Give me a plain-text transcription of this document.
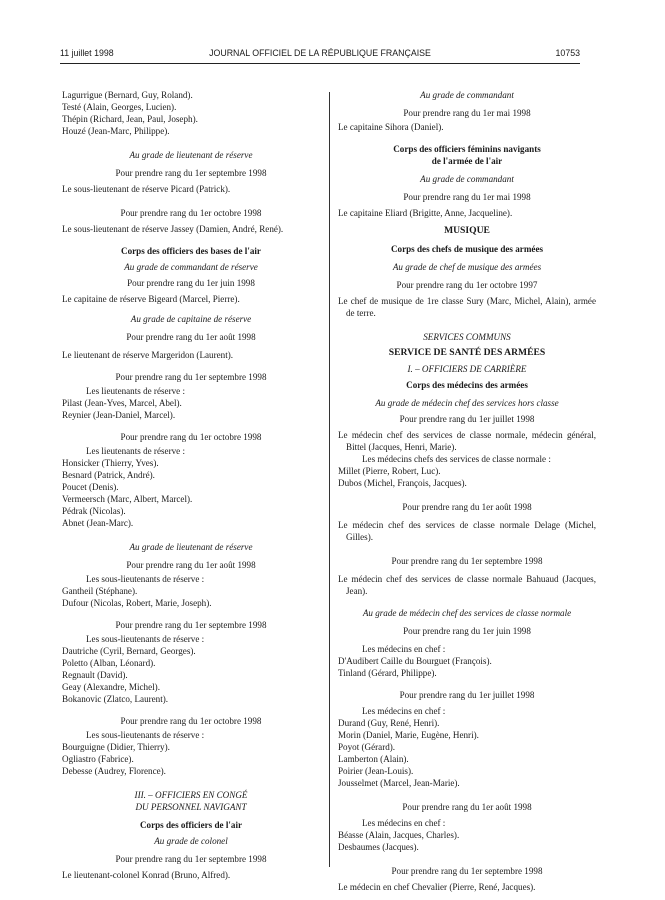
11 juillet 1998	JOURNAL OFFICIEL DE LA RÉPUBLIQUE FRANÇAISE	10753
Lagurrigue (Bernard, Guy, Roland).
Testé (Alain, Georges, Lucien).
Thépin (Richard, Jean, Paul, Joseph).
Houzé (Jean-Marc, Philippe).
Au grade de lieutenant de réserve
Pour prendre rang du 1er septembre 1998
Le sous-lieutenant de réserve Picard (Patrick).
Pour prendre rang du 1er octobre 1998
Le sous-lieutenant de réserve Jassey (Damien, André, René).
Corps des officiers des bases de l'air
Au grade de commandant de réserve
Pour prendre rang du 1er juin 1998
Le capitaine de réserve Bigeard (Marcel, Pierre).
Au grade de capitaine de réserve
Pour prendre rang du 1er août 1998
Le lieutenant de réserve Margeridon (Laurent).
Pour prendre rang du 1er septembre 1998
Les lieutenants de réserve :
Pilast (Jean-Yves, Marcel, Abel).
Reynier (Jean-Daniel, Marcel).
Pour prendre rang du 1er octobre 1998
Les lieutenants de réserve :
Honsicker (Thierry, Yves).
Besnard (Patrick, André).
Poucet (Denis).
Vermeersch (Marc, Albert, Marcel).
Pédrak (Nicolas).
Abnet (Jean-Marc).
Au grade de lieutenant de réserve
Pour prendre rang du 1er août 1998
Les sous-lieutenants de réserve :
Gantheil (Stéphane).
Dufour (Nicolas, Robert, Marie, Joseph).
Pour prendre rang du 1er septembre 1998
Les sous-lieutenants de réserve :
Dautriche (Cyril, Bernard, Georges).
Poletto (Alban, Léonard).
Regnault (David).
Geay (Alexandre, Michel).
Bokanovic (Zlatco, Laurent).
Pour prendre rang du 1er octobre 1998
Les sous-lieutenants de réserve :
Bourguigne (Didier, Thierry).
Ogliastro (Fabrice).
Debesse (Audrey, Florence).
III. – OFFICIERS EN CONGÉ
DU PERSONNEL NAVIGANT
Corps des officiers de l'air
Au grade de colonel
Pour prendre rang du 1er septembre 1998
Le lieutenant-colonel Konrad (Bruno, Alfred).
Au grade de commandant
Pour prendre rang du 1er mai 1998
Le capitaine Sihora (Daniel).
Corps des officiers féminins navigants
de l'armée de l'air
Au grade de commandant
Pour prendre rang du 1er mai 1998
Le capitaine Eliard (Brigitte, Anne, Jacqueline).
MUSIQUE
Corps des chefs de musique des armées
Au grade de chef de musique des armées
Pour prendre rang du 1er octobre 1997
Le chef de musique de 1re classe Sury (Marc, Michel, Alain), armée de terre.
SERVICES COMMUNS
SERVICE DE SANTÉ DES ARMÉES
I. – OFFICIERS DE CARRIÈRE
Corps des médecins des armées
Au grade de médecin chef des services hors classe
Pour prendre rang du 1er juillet 1998
Le médecin chef des services de classe normale, médecin général, Bittel (Jacques, Henri, Marie).
Les médecins chefs des services de classe normale :
Millet (Pierre, Robert, Luc).
Dubos (Michel, François, Jacques).
Pour prendre rang du 1er août 1998
Le médecin chef des services de classe normale Delage (Michel, Gilles).
Pour prendre rang du 1er septembre 1998
Le médecin chef des services de classe normale Bahuaud (Jacques, Jean).
Au grade de médecin chef des services de classe normale
Pour prendre rang du 1er juin 1998
Les médecins en chef :
D'Audibert Caille du Bourguet (François).
Tinland (Gérard, Philippe).
Pour prendre rang du 1er juillet 1998
Les médecins en chef :
Durand (Guy, René, Henri).
Morin (Daniel, Marie, Eugène, Henri).
Poyot (Gérard).
Lamberton (Alain).
Poirier (Jean-Louis).
Jousselmet (Marcel, Jean-Marie).
Pour prendre rang du 1er août 1998
Les médecins en chef :
Béasse (Alain, Jacques, Charles).
Desbaumes (Jacques).
Pour prendre rang du 1er septembre 1998
Le médecin en chef Chevalier (Pierre, René, Jacques).
